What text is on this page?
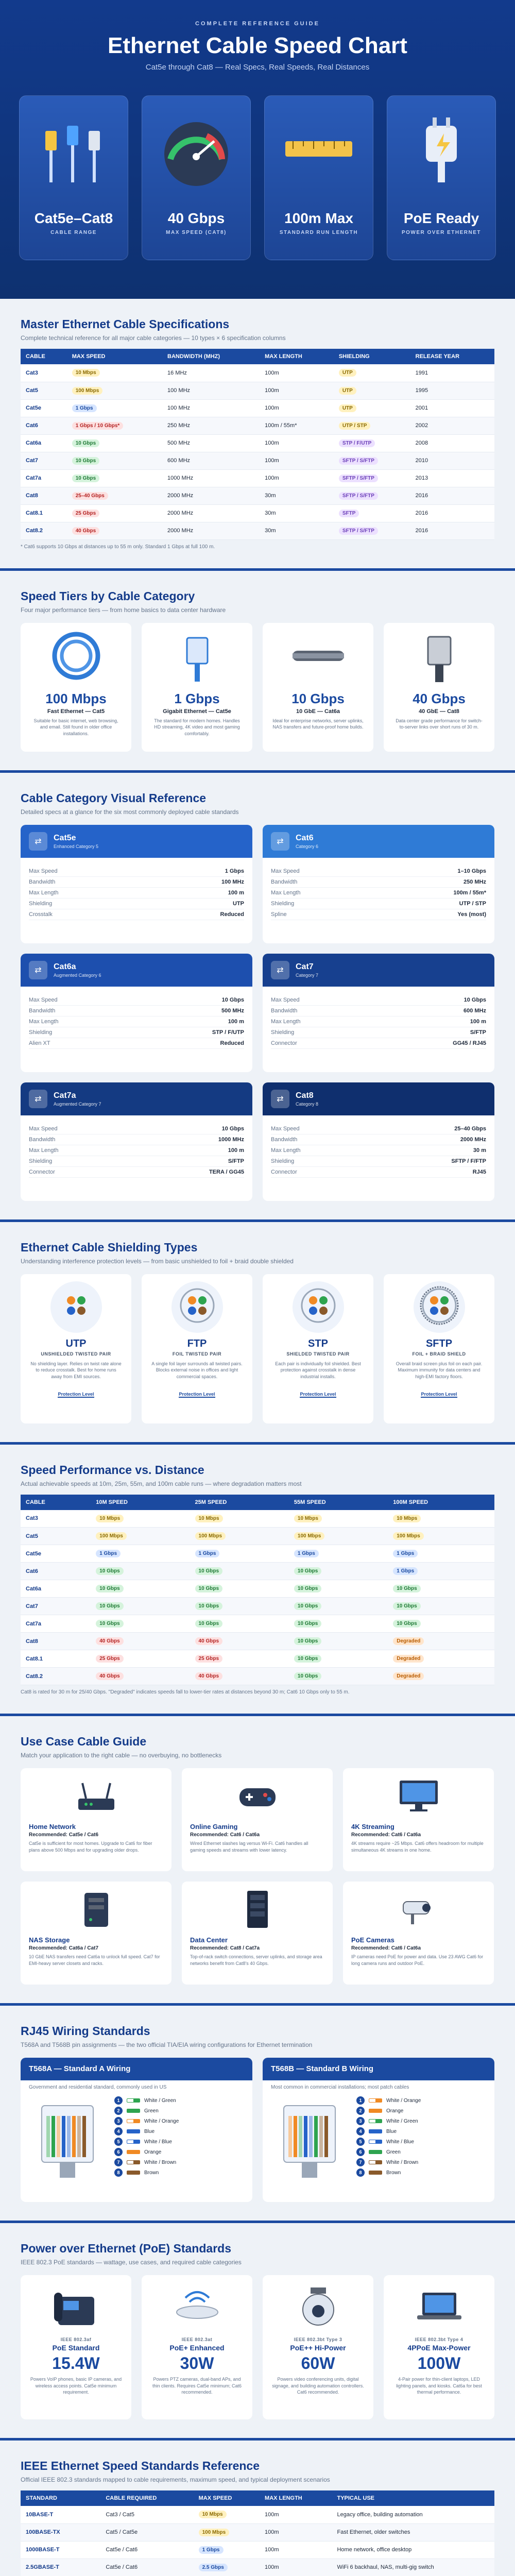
COMPLETE REFERENCE GUIDE
Ethernet Cable Speed Chart
Cat5e through Cat8 — Real Specs, Real Speeds, Real Distances
Cat5e–Cat8
CABLE RANGE
40 Gbps
MAX SPEED (CAT8)
100m Max
STANDARD RUN LENGTH
PoE Ready
POWER OVER ETHERNET
Master Ethernet Cable Specifications
Complete technical reference for all major cable categories — 10 types × 6 specification columns
CABLE	MAX SPEED	BANDWIDTH (MHZ)	MAX LENGTH	SHIELDING	RELEASE YEAR
Cat3	10 Mbps	16 MHz	100m	UTP	1991
Cat5	100 Mbps	100 MHz	100m	UTP	1995
Cat5e	1 Gbps	100 MHz	100m	UTP	2001
Cat6	1 Gbps / 10 Gbps*	250 MHz	100m / 55m*	UTP / STP	2002
Cat6a	10 Gbps	500 MHz	100m	STP / F/UTP	2008
Cat7	10 Gbps	600 MHz	100m	SFTP / S/FTP	2010
Cat7a	10 Gbps	1000 MHz	100m	SFTP / S/FTP	2013
Cat8	25–40 Gbps	2000 MHz	30m	SFTP / S/FTP	2016
Cat8.1	25 Gbps	2000 MHz	30m	SFTP	2016
Cat8.2	40 Gbps	2000 MHz	30m	SFTP / S/FTP	2016
* Cat6 supports 10 Gbps at distances up to 55 m only. Standard 1 Gbps at full 100 m.
Speed Tiers by Cable Category
Four major performance tiers — from home basics to data center hardware
100 Mbps
Fast Ethernet — Cat5
Suitable for basic internet, web browsing, and email. Still found in older office installations.
1 Gbps
Gigabit Ethernet — Cat5e
The standard for modern homes. Handles HD streaming, 4K video and most gaming comfortably.
10 Gbps
10 GbE — Cat6a
Ideal for enterprise networks, server uplinks, NAS transfers and future-proof home builds.
40 Gbps
40 GbE — Cat8
Data center grade performance for switch-to-server links over short runs of 30 m.
Cable Category Visual Reference
Detailed specs at a glance for the six most commonly deployed cable standards
⇄	Cat5e
Enhanced Category 5
Max Speed	1 Gbps
Bandwidth	100 MHz
Max Length	100 m
Shielding	UTP
Crosstalk	Reduced
⇄	Cat6
Category 6
Max Speed	1–10 Gbps
Bandwidth	250 MHz
Max Length	100m / 55m*
Shielding	UTP / STP
Spline	Yes (most)
⇄	Cat6a
Augmented Category 6
Max Speed	10 Gbps
Bandwidth	500 MHz
Max Length	100 m
Shielding	STP / F/UTP
Alien XT	Reduced
⇄	Cat7
Category 7
Max Speed	10 Gbps
Bandwidth	600 MHz
Max Length	100 m
Shielding	S/FTP
Connector	GG45 / RJ45
⇄	Cat7a
Augmented Category 7
Max Speed	10 Gbps
Bandwidth	1000 MHz
Max Length	100 m
Shielding	S/FTP
Connector	TERA / GG45
⇄	Cat8
Category 8
Max Speed	25–40 Gbps
Bandwidth	2000 MHz
Max Length	30 m
Shielding	SFTP / F/FTP
Connector	RJ45
Ethernet Cable Shielding Types
Understanding interference protection levels — from basic unshielded to foil + braid double shielded
UTP
UNSHIELDED TWISTED PAIR
No shielding layer. Relies on twist rate alone to reduce crosstalk. Best for home runs away from EMI sources.
Protection Level
FTP
FOIL TWISTED PAIR
A single foil layer surrounds all twisted pairs. Blocks external noise in offices and light commercial spaces.
Protection Level
STP
SHIELDED TWISTED PAIR
Each pair is individually foil shielded. Best protection against crosstalk in dense industrial installs.
Protection Level
SFTP
FOIL + BRAID SHIELD
Overall braid screen plus foil on each pair. Maximum immunity for data centers and high-EMI factory floors.
Protection Level
Speed Performance vs. Distance
Actual achievable speeds at 10m, 25m, 55m, and 100m cable runs — where degradation matters most
CABLE	10M SPEED	25M SPEED	55M SPEED	100M SPEED
Cat3	10 Mbps	10 Mbps	10 Mbps	10 Mbps
Cat5	100 Mbps	100 Mbps	100 Mbps	100 Mbps
Cat5e	1 Gbps	1 Gbps	1 Gbps	1 Gbps
Cat6	10 Gbps	10 Gbps	10 Gbps	1 Gbps
Cat6a	10 Gbps	10 Gbps	10 Gbps	10 Gbps
Cat7	10 Gbps	10 Gbps	10 Gbps	10 Gbps
Cat7a	10 Gbps	10 Gbps	10 Gbps	10 Gbps
Cat8	40 Gbps	40 Gbps	10 Gbps	Degraded
Cat8.1	25 Gbps	25 Gbps	10 Gbps	Degraded
Cat8.2	40 Gbps	40 Gbps	10 Gbps	Degraded
Cat8 is rated for 30 m for 25/40 Gbps. "Degraded" indicates speeds fall to lower-tier rates at distances beyond 30 m; Cat6 10 Gbps only to 55 m.
Use Case Cable Guide
Match your application to the right cable — no overbuying, no bottlenecks
Home Network
Recommended: Cat5e / Cat6
Cat5e is sufficient for most homes. Upgrade to Cat6 for fiber plans above 500 Mbps and for upgrading older drops.
Online Gaming
Recommended: Cat6 / Cat6a
Wired Ethernet slashes lag versus Wi-Fi. Cat6 handles all gaming speeds and streams with lower latency.
4K Streaming
Recommended: Cat6 / Cat6a
4K streams require ~25 Mbps. Cat6 offers headroom for multiple simultaneous 4K streams in one home.
NAS Storage
Recommended: Cat6a / Cat7
10 GbE NAS transfers need Cat6a to unlock full speed. Cat7 for EMI-heavy server closets and racks.
Data Center
Recommended: Cat8 / Cat7a
Top-of-rack switch connections, server uplinks, and storage area networks benefit from Cat8's 40 Gbps.
PoE Cameras
Recommended: Cat6 / Cat6a
IP cameras need PoE for power and data. Use 23 AWG Cat6 for long camera runs and outdoor PoE.
RJ45 Wiring Standards
T568A and T568B pin assignments — the two official TIA/EIA wiring configurations for Ethernet termination
T568A — Standard A Wiring
Government and residential standard, commonly used in US
1	White / Green
2	Green
3	White / Orange
4	Blue
5	White / Blue
6	Orange
7	White / Brown
8	Brown
T568B — Standard B Wiring
Most common in commercial installations; most patch cables
1	White / Orange
2	Orange
3	White / Green
4	Blue
5	White / Blue
6	Green
7	White / Brown
8	Brown
Power over Ethernet (PoE) Standards
IEEE 802.3 PoE standards — wattage, use cases, and required cable categories
IEEE 802.3af
PoE Standard
15.4W
Powers VoIP phones, basic IP cameras, and wireless access points. Cat5e minimum requirement.
IEEE 802.3at
PoE+ Enhanced
30W
Powers PTZ cameras, dual-band APs, and thin clients. Requires Cat5e minimum; Cat6 recommended.
IEEE 802.3bt Type 3
PoE++ Hi-Power
60W
Powers video conferencing units, digital signage, and building automation controllers. Cat6 recommended.
IEEE 802.3bt Type 4
4PPoE Max-Power
100W
4-Pair power for thin-client laptops, LED lighting panels, and kiosks. Cat6a for best thermal performance.
IEEE Ethernet Speed Standards Reference
Official IEEE 802.3 standards mapped to cable requirements, maximum speed, and typical deployment scenarios
STANDARD	CABLE REQUIRED	MAX SPEED	MAX LENGTH	TYPICAL USE
10BASE-T	Cat3 / Cat5	10 Mbps	100m	Legacy office, building automation
100BASE-TX	Cat5 / Cat5e	100 Mbps	100m	Fast Ethernet, older switches
1000BASE-T	Cat5e / Cat6	1 Gbps	100m	Home network, office desktop
2.5GBASE-T	Cat5e / Cat6	2.5 Gbps	100m	WiFi 6 backhaul, NAS, multi-gig switch
